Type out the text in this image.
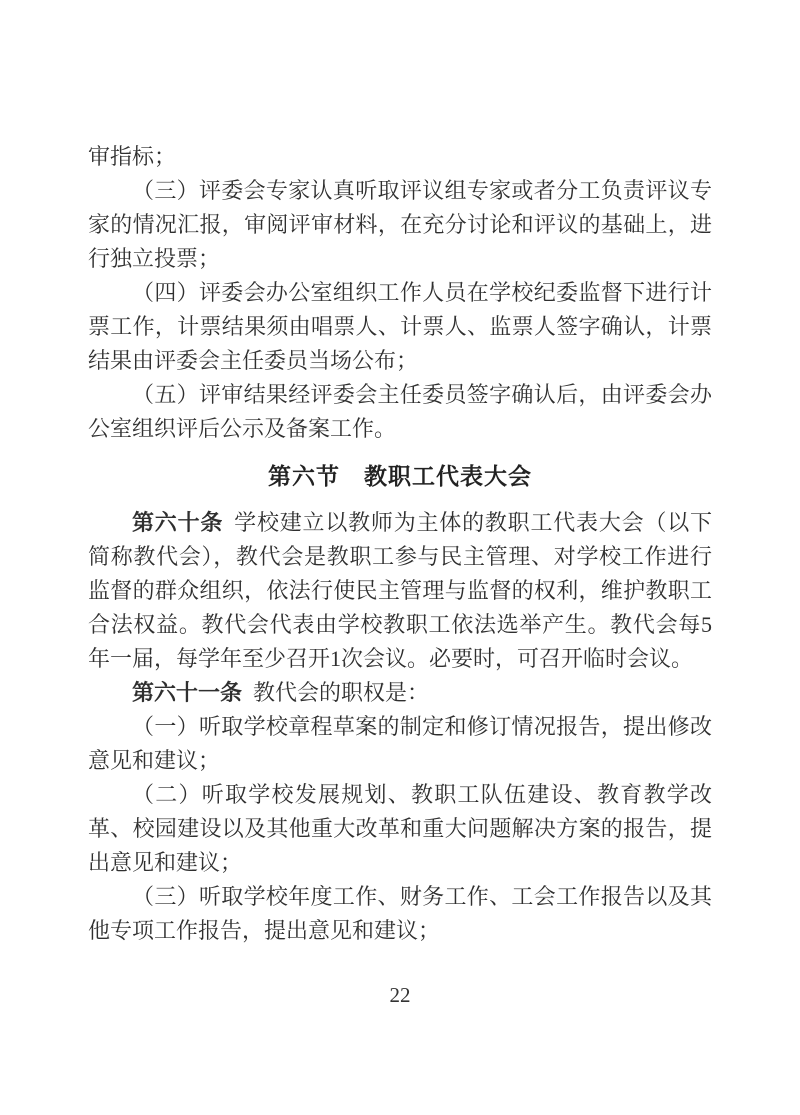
审指标；

（三）评委会专家认真听取评议组专家或者分工负责评议专家的情况汇报，审阅评审材料，在充分讨论和评议的基础上，进行独立投票；

（四）评委会办公室组织工作人员在学校纪委监督下进行计票工作，计票结果须由唱票人、计票人、监票人签字确认，计票结果由评委会主任委员当场公布；

（五）评审结果经评委会主任委员签字确认后，由评委会办公室组织评后公示及备案工作。

第六节　教职工代表大会

第六十条 学校建立以教师为主体的教职工代表大会（以下简称教代会），教代会是教职工参与民主管理、对学校工作进行监督的群众组织，依法行使民主管理与监督的权利，维护教职工合法权益。教代会代表由学校教职工依法选举产生。教代会每5年一届，每学年至少召开1次会议。必要时，可召开临时会议。

第六十一条 教代会的职权是：

（一）听取学校章程草案的制定和修订情况报告，提出修改意见和建议；

（二）听取学校发展规划、教职工队伍建设、教育教学改革、校园建设以及其他重大改革和重大问题解决方案的报告，提出意见和建议；

（三）听取学校年度工作、财务工作、工会工作报告以及其他专项工作报告，提出意见和建议；

22
